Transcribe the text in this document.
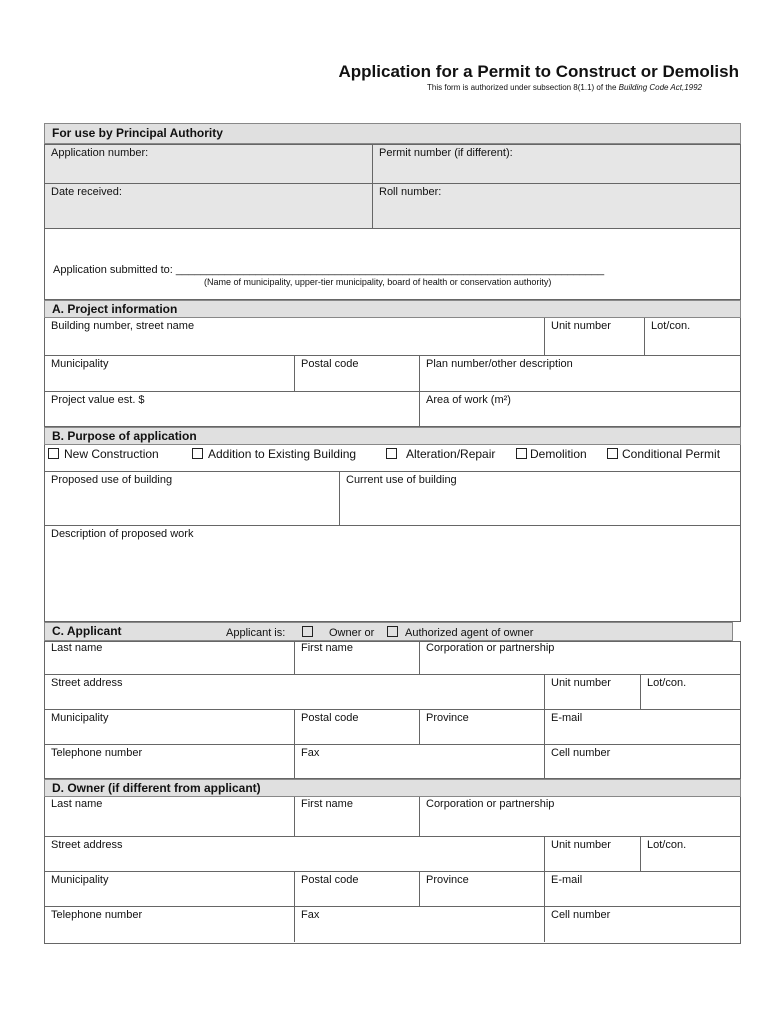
Application for a Permit to Construct or Demolish
This form is authorized under subsection 8(1.1) of the Building Code Act,1992
For use by Principal Authority
Application number:	Permit number (if different):
Date received:	Roll number:
Application submitted to: ______________________________________________________________________
(Name of municipality, upper-tier municipality, board of health or conservation authority)
A. Project information
Building number, street name	Unit number	Lot/con.
Municipality	Postal code	Plan number/other description
Project value est. $	Area of work (m²)
B. Purpose of application
New Construction	Addition to Existing Building	Alteration/Repair	Demolition	Conditional Permit
Proposed use of building	Current use of building
Description of proposed work
C. Applicant	Applicant is:	Owner or	Authorized agent of owner
Last name	First name	Corporation or partnership
Street address	Unit number	Lot/con.
Municipality	Postal code	Province	E-mail
Telephone number	Fax	Cell number
D. Owner (if different from applicant)
Last name	First name	Corporation or partnership
Street address	Unit number	Lot/con.
Municipality	Postal code	Province	E-mail
Telephone number	Fax	Cell number
